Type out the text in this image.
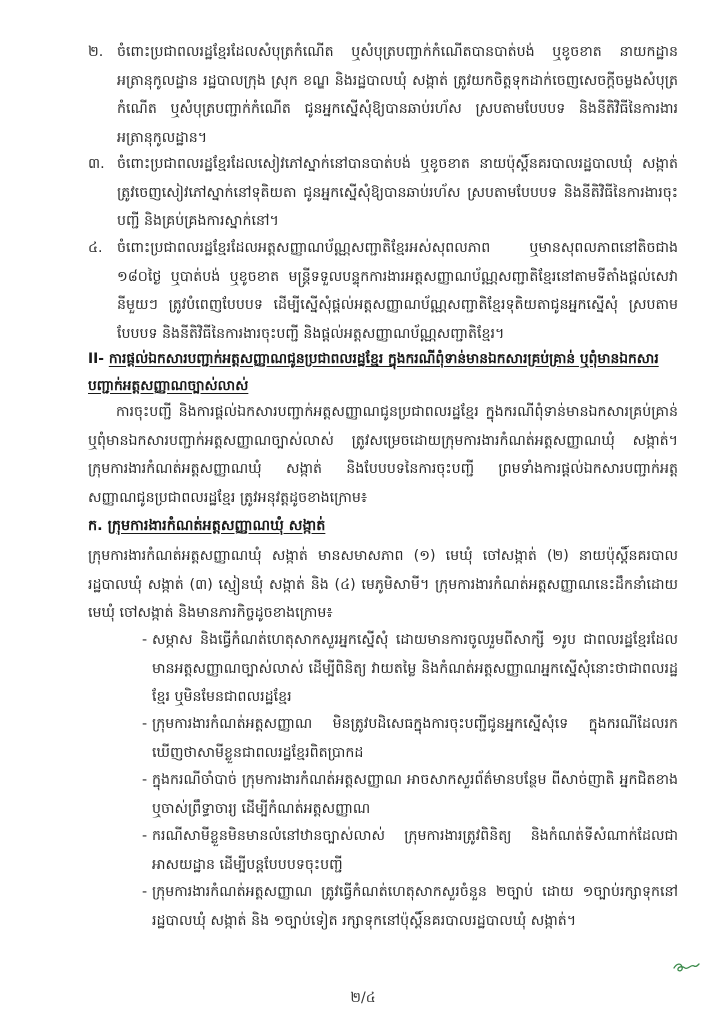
២. ចំពោះប្រជាពលរដ្ឋខ្មែរដែលសំបុត្រកំណើត ឬសំបុត្របញ្ជាក់កំណើតបានបាត់បង់ ឬខូចខាត នាយកដ្ឋានអត្រានុកូលដ្ឋាន រដ្ឋបាលក្រុង ស្រុក ខណ្ឌ និងរដ្ឋបាលឃុំ សង្កាត់ ត្រូវយកចិត្តទុកដាក់ចេញសេចក្តីចម្លងសំបុត្រកំណើត ឬសំបុត្របញ្ជាក់កំណើត ជូនអ្នកស្នើសុំឱ្យបានឆាប់រហ័ស ស្របតាមបែបបទ និងនីតិវិធីនៃការងារអត្រានុកូលដ្ឋាន។
៣. ចំពោះប្រជាពលរដ្ឋខ្មែរដែលសៀវភៅស្នាក់នៅបានបាត់បង់ ឬខូចខាត នាយប៉ុស្តិ៍នគរបាលរដ្ឋបាលឃុំ សង្កាត់ ត្រូវចេញសៀវភៅស្នាក់នៅទុតិយតា ជូនអ្នកស្នើសុំឱ្យបានឆាប់រហ័ស ស្របតាមបែបបទ និងនីតិវិធីនៃការងារចុះបញ្ជី និងគ្រប់គ្រងការស្នាក់នៅ។
៤. ចំពោះប្រជាពលរដ្ឋខ្មែរដែលអត្តសញ្ញាណប័ណ្ណសញ្ជាតិខ្មែរអស់សុពលភាព ឬមានសុពលភាពនៅតិចជាង ១៨០ថ្ងៃ ឬបាត់បង់ ឬខូចខាត មន្ត្រីទទួលបន្ទុកការងារអត្តសញ្ញាណប័ណ្ណសញ្ជាតិខ្មែរនៅតាមទីតាំងផ្តល់សេវានីមួយៗ ត្រូវបំពេញបែបបទ ដើម្បីស្នើសុំផ្តល់អត្តសញ្ញាណប័ណ្ណសញ្ជាតិខ្មែរទុតិយតាជូនអ្នកស្នើសុំ ស្របតាមបែបបទ និងនីតិវិធីនៃការងារចុះបញ្ជី និងផ្តល់អត្តសញ្ញាណប័ណ្ណសញ្ជាតិខ្មែរ។
II- ការផ្តល់ឯកសារបញ្ជាក់អត្តសញ្ញាណជូនប្រជាពលរដ្ឋខ្មែរ ក្នុងករណីពុំទាន់មានឯកសារគ្រប់គ្រាន់ ឬពុំមានឯកសារបញ្ជាក់អត្តសញ្ញាណច្បាស់លាស់
ការចុះបញ្ជី និងការផ្តល់ឯកសារបញ្ជាក់អត្តសញ្ញាណជូនប្រជាពលរដ្ឋខ្មែរ ក្នុងករណីពុំទាន់មានឯកសារគ្រប់គ្រាន់ ឬពុំមានឯកសារបញ្ជាក់អត្តសញ្ញាណច្បាស់លាស់ ត្រូវសម្រេចដោយក្រុមការងារកំណត់អត្តសញ្ញាណឃុំ សង្កាត់។ ក្រុមការងារកំណត់អត្តសញ្ញាណឃុំ សង្កាត់ និងបែបបទនៃការចុះបញ្ជី ព្រមទាំងការផ្តល់ឯកសារបញ្ជាក់អត្តសញ្ញាណជូនប្រជាពលរដ្ឋខ្មែរ ត្រូវអនុវត្តដូចខាងក្រោម៖
ក. ក្រុមការងារកំណត់អត្តសញ្ញាណឃុំ សង្កាត់
ក្រុមការងារកំណត់អត្តសញ្ញាណឃុំ សង្កាត់ មានសមាសភាព (១) មេឃុំ ចៅសង្កាត់ (២) នាយប៉ុស្តិ៍នគរបាលរដ្ឋបាលឃុំ សង្កាត់ (៣) ស្មៀនឃុំ សង្កាត់ និង (៤) មេភូមិសាមី។ ក្រុមការងារកំណត់អត្តសញ្ញាណនេះដឹកនាំដោយ មេឃុំ ចៅសង្កាត់ និងមានភារកិច្ចដូចខាងក្រោម៖
- សម្ភាស និងធ្វើកំណត់ហេតុសាកសួរអ្នកស្នើសុំ ដោយមានការចូលរួមពីសាក្សី ១រូប ជាពលរដ្ឋខ្មែរដែលមានអត្តសញ្ញាណច្បាស់លាស់ ដើម្បីពិនិត្យ វាយតម្លៃ និងកំណត់អត្តសញ្ញាណអ្នកស្នើសុំនោះថាជាពលរដ្ឋខ្មែរ ឬមិនមែនជាពលរដ្ឋខ្មែរ
- ក្រុមការងារកំណត់អត្តសញ្ញាណ មិនត្រូវបដិសេធក្នុងការចុះបញ្ជីជូនអ្នកស្នើសុំទេ ក្នុងករណីដែលរកឃើញថាសាមីខ្លួនជាពលរដ្ឋខ្មែរពិតប្រាកដ
- ក្នុងករណីចាំបាច់ ក្រុមការងារកំណត់អត្តសញ្ញាណ អាចសាកសួរព័ត៌មានបន្ថែម ពីសាច់ញាតិ អ្នកជិតខាង ឬចាស់ព្រឹទ្ធាចារ្យ ដើម្បីកំណត់អត្តសញ្ញាណ
- ករណីសាមីខ្លួនមិនមានលំនៅឋានច្បាស់លាស់ ក្រុមការងារត្រូវពិនិត្យ និងកំណត់ទីសំណាក់ដែលជាអាសយដ្ឋាន ដើម្បីបន្តបែបបទចុះបញ្ជី
- ក្រុមការងារកំណត់អត្តសញ្ញាណ ត្រូវធ្វើកំណត់ហេតុសាកសួរចំនួន ២ច្បាប់ ដោយ ១ច្បាប់រក្សាទុកនៅរដ្ឋបាលឃុំ សង្កាត់ និង ១ច្បាប់ទៀត រក្សាទុកនៅប៉ុស្តិ៍នគរបាលរដ្ឋបាលឃុំ សង្កាត់។
២/៤
